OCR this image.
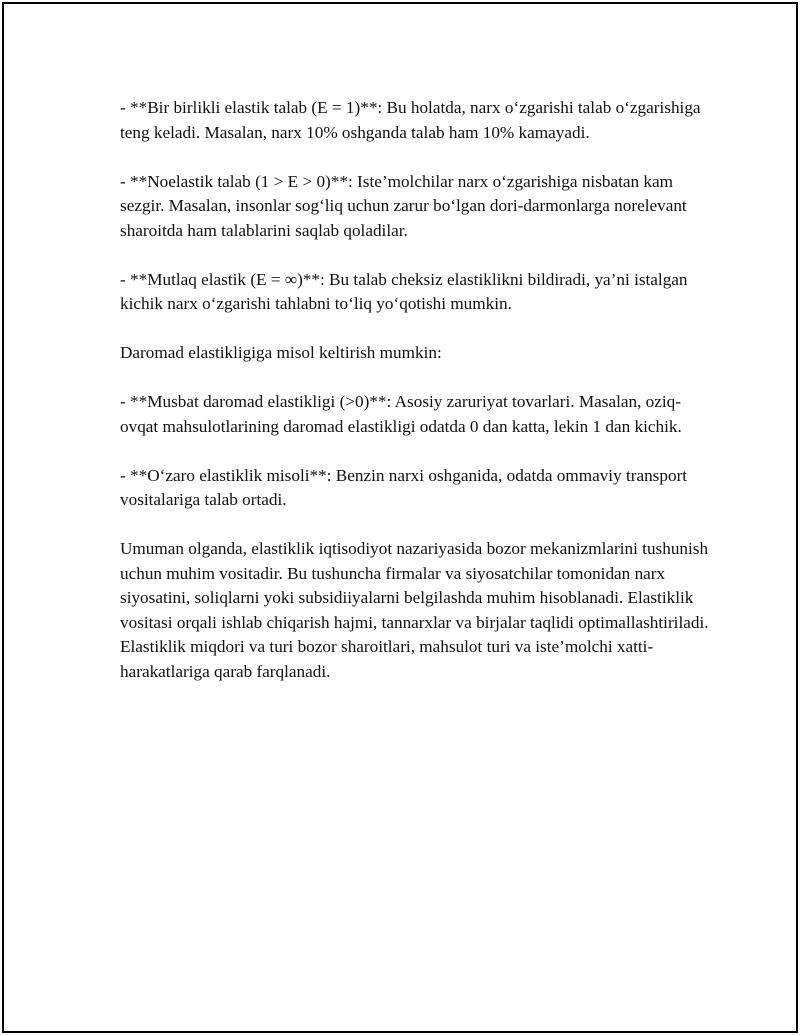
- **Bir birlikli elastik talab (E = 1)**: Bu holatda, narx o‘zgarishi talab o‘zgarishiga teng keladi. Masalan, narx 10% oshganda talab ham 10% kamayadi.

- **Noelastik talab (1 > E > 0)**: Iste’molchilar narx o‘zgarishiga nisbatan kam sezgir. Masalan, insonlar sog‘liq uchun zarur bo‘lgan dori-darmonlarga norelevant sharoitda ham talablarini saqlab qoladilar.

- **Mutlaq elastik (E = ∞)**: Bu talab cheksiz elastiklikni bildiradi, ya’ni istalgan kichik narx o‘zgarishi tahlabni to‘liq yo‘qotishi mumkin.

Daromad elastikligiga misol keltirish mumkin:

- **Musbat daromad elastikligi (>0)**: Asosiy zaruriyat tovarlari. Masalan, oziq-ovqat mahsulotlarining daromad elastikligi odatda 0 dan katta, lekin 1 dan kichik.

- **O‘zaro elastiklik misoli**: Benzin narxi oshganida, odatda ommaviy transport vositalariga talab ortadi.

Umuman olganda, elastiklik iqtisodiyot nazariyasida bozor mekanizmlarini tushunish uchun muhim vositadir. Bu tushuncha firmalar va siyosatchilar tomonidan narx siyosatini, soliqlarni yoki subsidiiyalarni belgilashda muhim hisoblanadi. Elastiklik vositasi orqali ishlab chiqarish hajmi, tannarxlar va birjalar taqlidi optimallashtiriladi. Elastiklik miqdori va turi bozor sharoitlari, mahsulot turi va iste’molchi xatti-harakatlariga qarab farqlanadi.
